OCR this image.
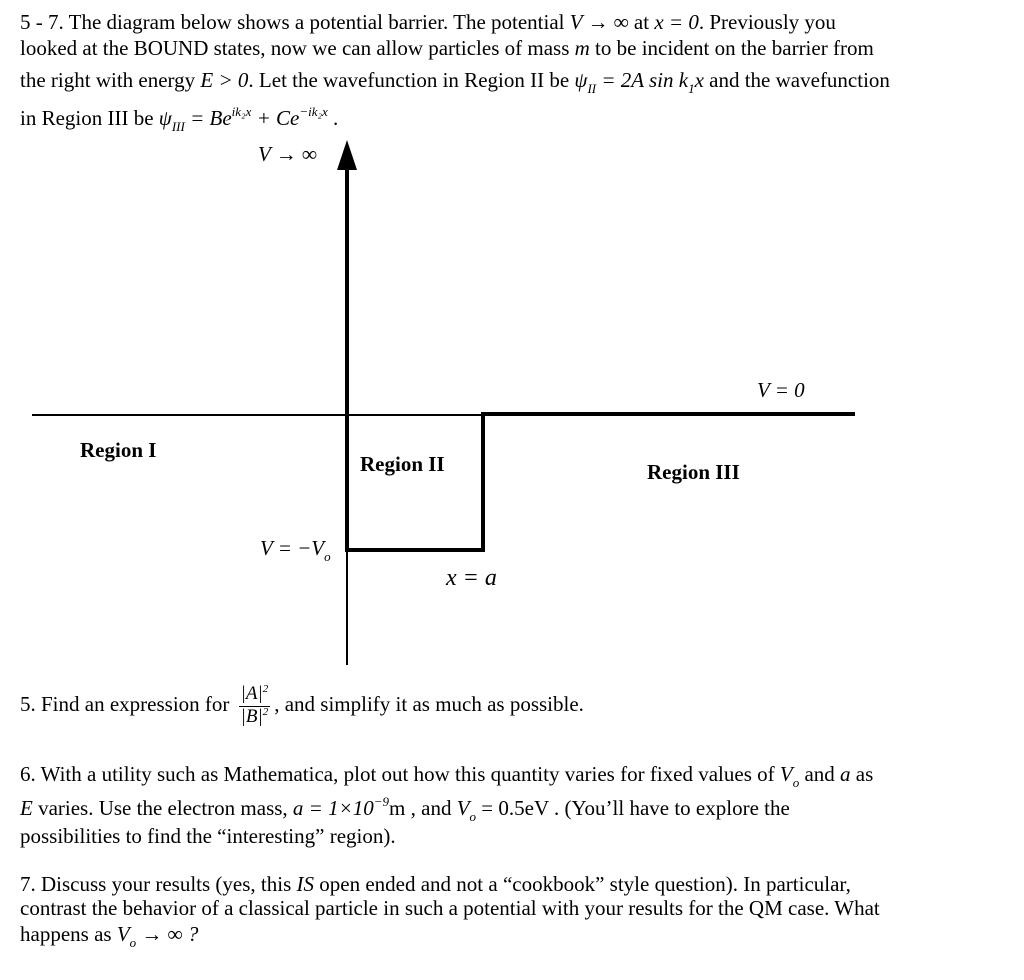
5 - 7. The diagram below shows a potential barrier. The potential V → ∞ at x = 0. Previously you
looked at the BOUND states, now we can allow particles of mass m to be incident on the barrier from
the right with energy E > 0. Let the wavefunction in Region II be $\psi_{II} = 2A$ $\sin k_1x$ and the wavefunction
in Region III be $\psi_{III} = Be^{ik_2x} + Ce^{-ik_2x}$ .
V → ∞
V = 0
Region I
Region II	Region III
$V = -V_o$
x = a
5. Find an expression for $\frac{|A|^2}{|B|^2}$ , and simplify it as much as possible.
6. With a utility such as Mathematica, plot out how this quantity varies for fixed values of $V_o$ and a as
E varies. Use the electron mass, $a = 1\times 10^{-9}m$ , and $V_o = 0.5eV$ . (You’ll have to explore the
possibilities to find the “interesting” region).
7. Discuss your results (yes, this IS open ended and not a “cookbook” style question). In particular,
contrast the behavior of a classical particle in such a potential with your results for the QM case. What
happens as $V_o$ → ∞ ?
